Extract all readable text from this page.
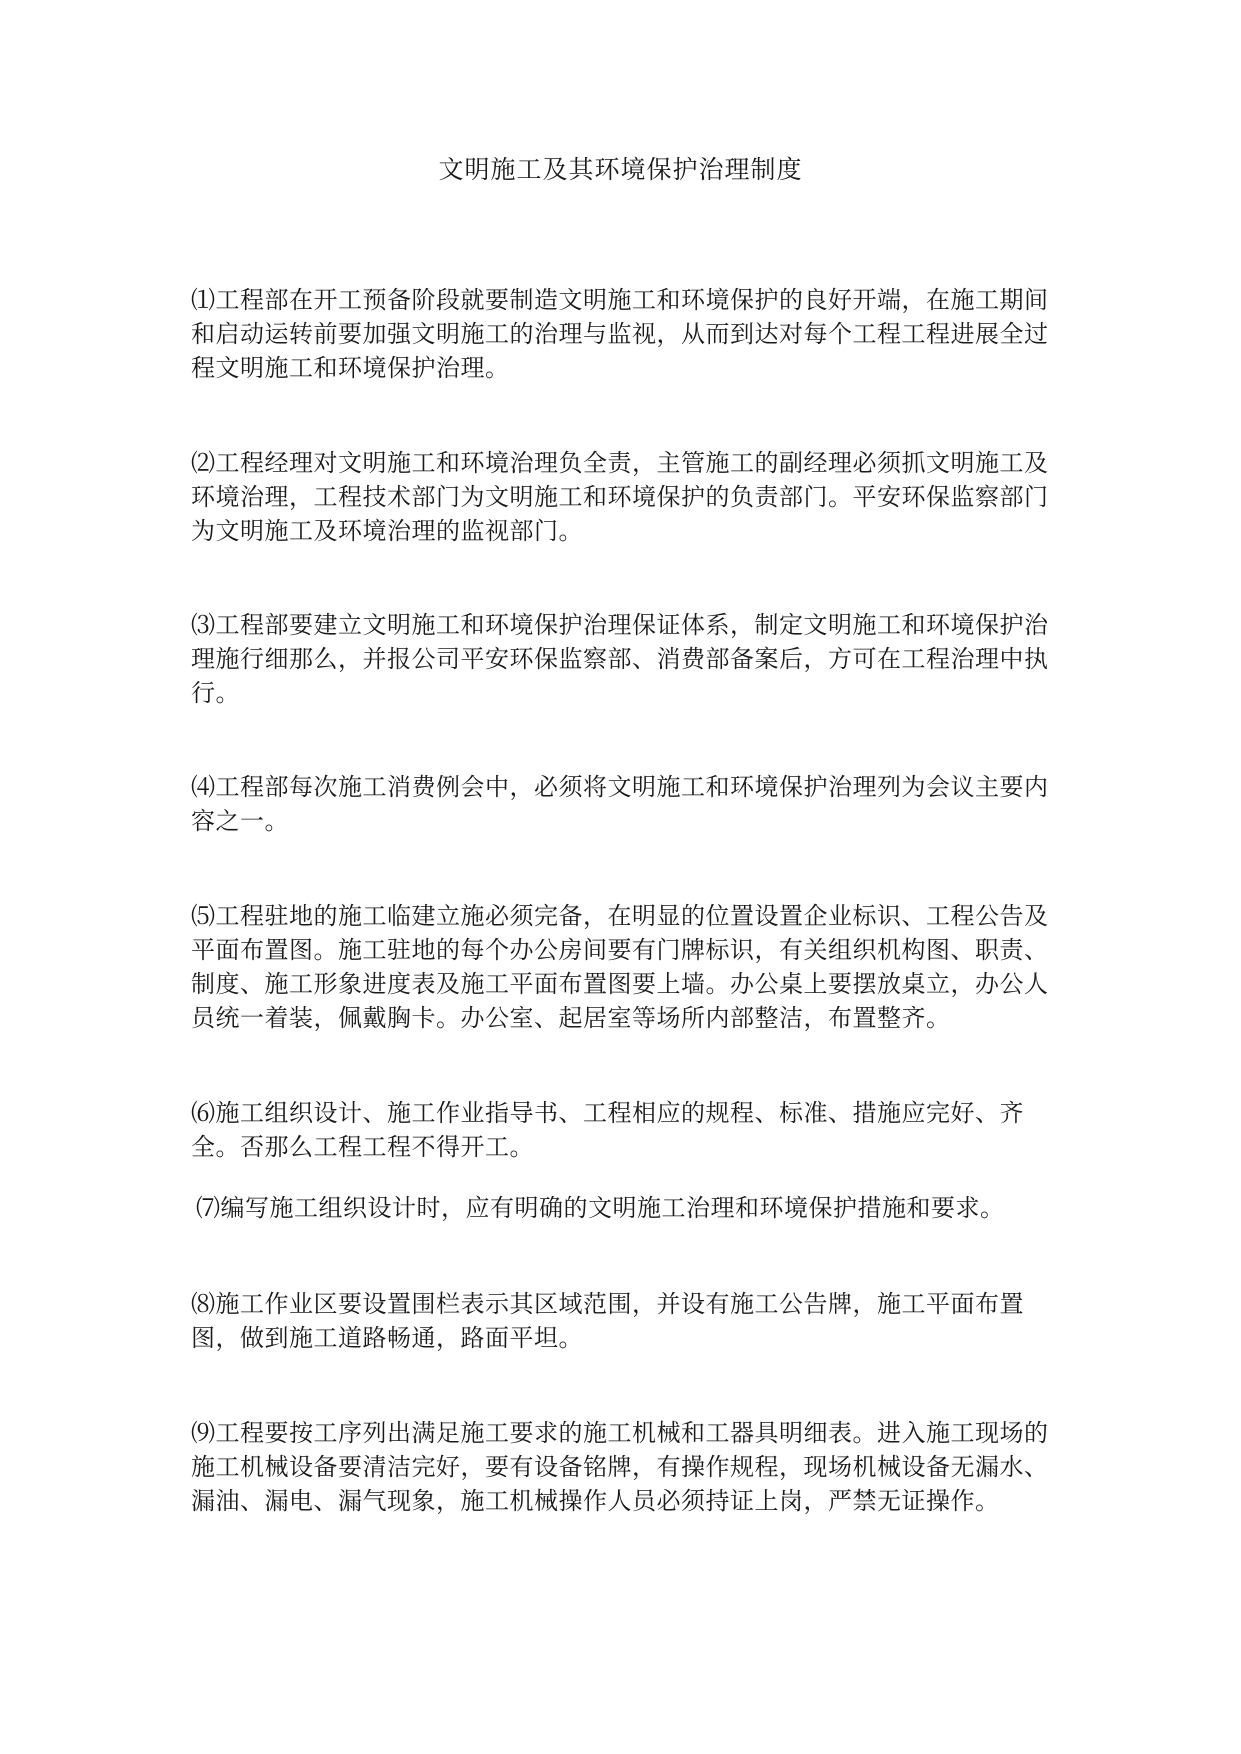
文明施工及其环境保护治理制度

⑴工程部在开工预备阶段就要制造文明施工和环境保护的良好开端，在施工期间和启动运转前要加强文明施工的治理与监视，从而到达对每个工程工程进展全过程文明施工和环境保护治理。

⑵工程经理对文明施工和环境治理负全责，主管施工的副经理必须抓文明施工及环境治理，工程技术部门为文明施工和环境保护的负责部门。平安环保监察部门为文明施工及环境治理的监视部门。

⑶工程部要建立文明施工和环境保护治理保证体系，制定文明施工和环境保护治理施行细那么，并报公司平安环保监察部、消费部备案后，方可在工程治理中执行。

⑷工程部每次施工消费例会中，必须将文明施工和环境保护治理列为会议主要内容之一。

⑸工程驻地的施工临建立施必须完备，在明显的位置设置企业标识、工程公告及平面布置图。施工驻地的每个办公房间要有门牌标识，有关组织机构图、职责、制度、施工形象进度表及施工平面布置图要上墙。办公桌上要摆放桌立，办公人员统一着装，佩戴胸卡。办公室、起居室等场所内部整洁，布置整齐。

⑹施工组织设计、施工作业指导书、工程相应的规程、标准、措施应完好、齐全。否那么工程工程不得开工。

⑺编写施工组织设计时，应有明确的文明施工治理和环境保护措施和要求。

⑻施工作业区要设置围栏表示其区域范围，并设有施工公告牌，施工平面布置图，做到施工道路畅通，路面平坦。

⑼工程要按工序列出满足施工要求的施工机械和工器具明细表。进入施工现场的施工机械设备要清洁完好，要有设备铭牌，有操作规程，现场机械设备无漏水、漏油、漏电、漏气现象，施工机械操作人员必须持证上岗，严禁无证操作。
